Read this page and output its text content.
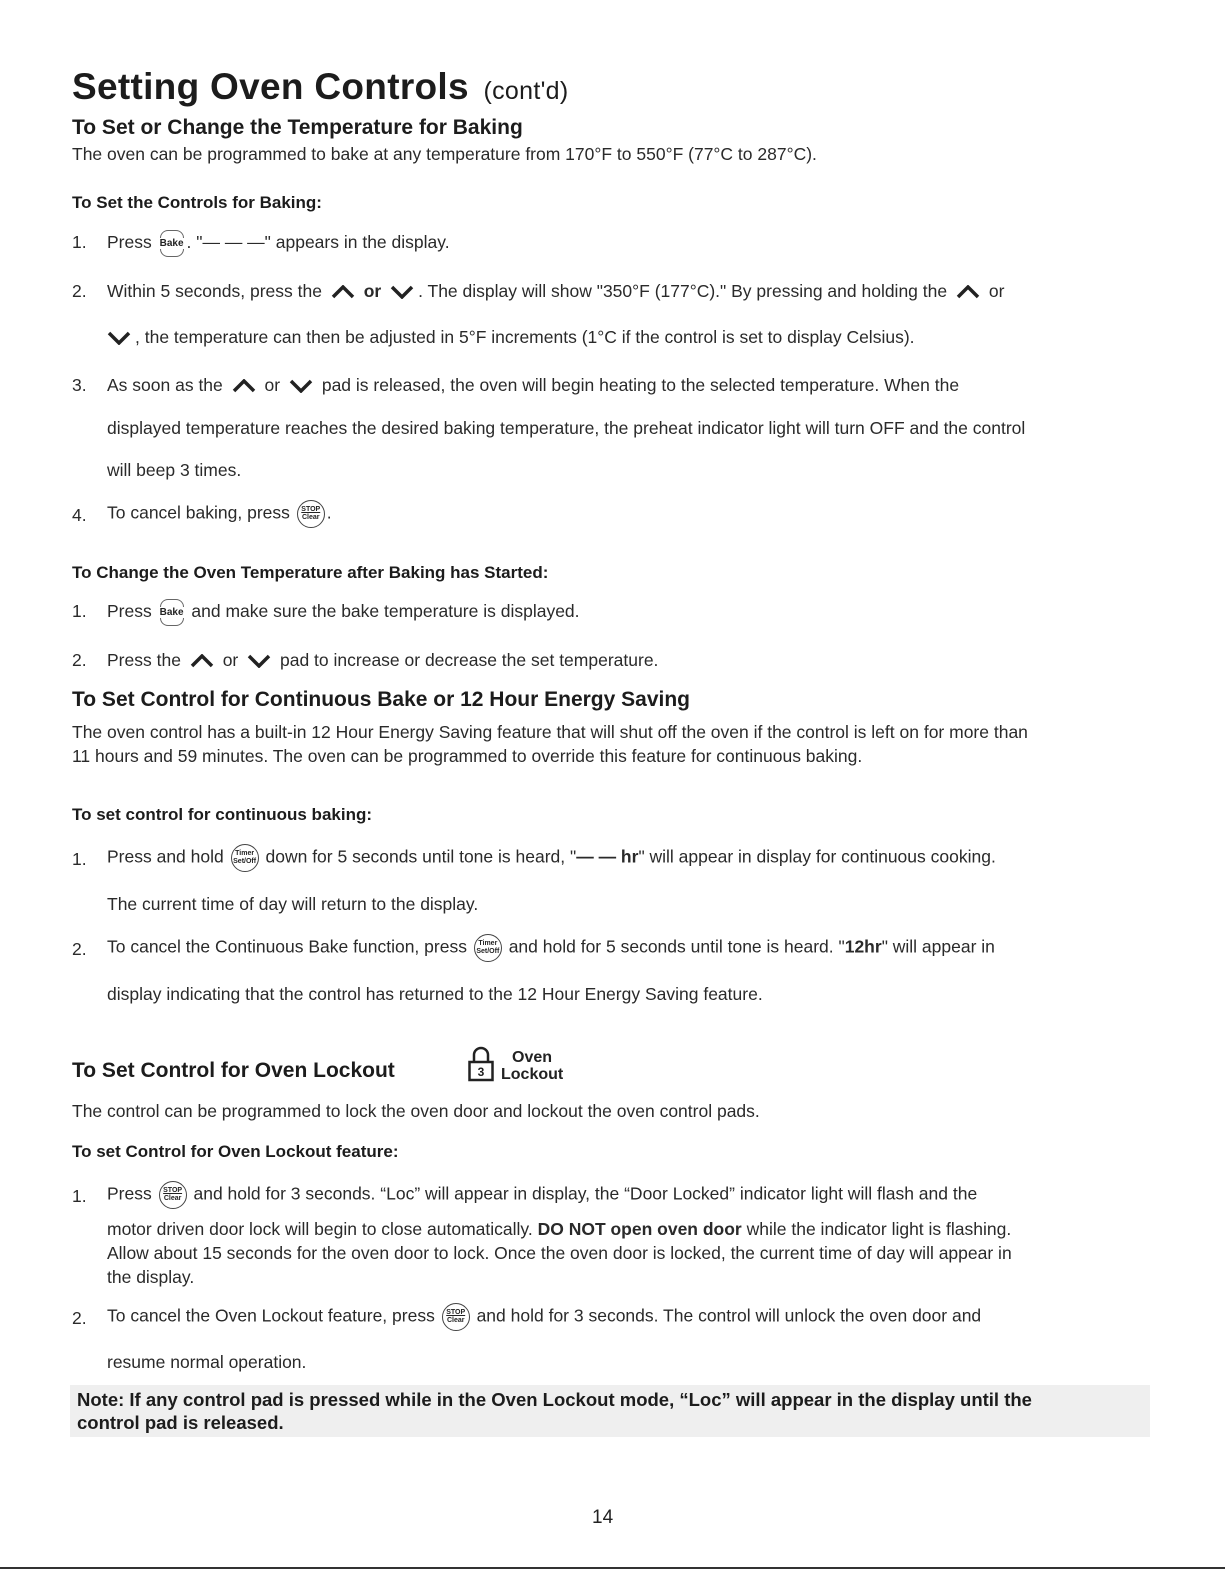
Setting Oven Controls (cont'd)
To Set or Change the Temperature for Baking
The oven can be programmed to bake at any temperature from 170°F to 550°F (77°C to 287°C).
To Set the Controls for Baking:
1. Press Bake . "— — —" appears in the display.
2. Within 5 seconds, press the or . The display will show "350°F (177°C)." By pressing and holding the or
, the temperature can then be adjusted in 5°F increments (1°C if the control is set to display Celsius).
3. As soon as the or pad is released, the oven will begin heating to the selected temperature. When the
displayed temperature reaches the desired baking temperature, the preheat indicator light will turn OFF and the control
will beep 3 times.
4. To cancel baking, press STOP
Clear .
To Change the Oven Temperature after Baking has Started:
1. Press Bake and make sure the bake temperature is displayed.
2. Press the or pad to increase or decrease the set temperature.
To Set Control for Continuous Bake or 12 Hour Energy Saving
The oven control has a built-in 12 Hour Energy Saving feature that will shut off the oven if the control is left on for more than
11 hours and 59 minutes. The oven can be programmed to override this feature for continuous baking.
To set control for continuous baking:
1. Press and hold Timer
Set/Off down for 5 seconds until tone is heard, "— — hr" will appear in display for continuous cooking.
The current time of day will return to the display.
2. To cancel the Continuous Bake function, press Timer
Set/Off and hold for 5 seconds until tone is heard. "12hr" will appear in
display indicating that the control has returned to the 12 Hour Energy Saving feature.
To Set Control for Oven Lockout	3
Oven
Lockout
The control can be programmed to lock the oven door and lockout the oven control pads.
To set Control for Oven Lockout feature:
1. Press STOP
Clear and hold for 3 seconds. “Loc” will appear in display, the “Door Locked” indicator light will flash and the
motor driven door lock will begin to close automatically. DO NOT open oven door while the indicator light is flashing.
Allow about 15 seconds for the oven door to lock. Once the oven door is locked, the current time of day will appear in
the display.
2. To cancel the Oven Lockout feature, press STOP
Clear and hold for 3 seconds. The control will unlock the oven door and
resume normal operation.
Note: If any control pad is pressed while in the Oven Lockout mode, “Loc” will appear in the display until the
control pad is released.
14
